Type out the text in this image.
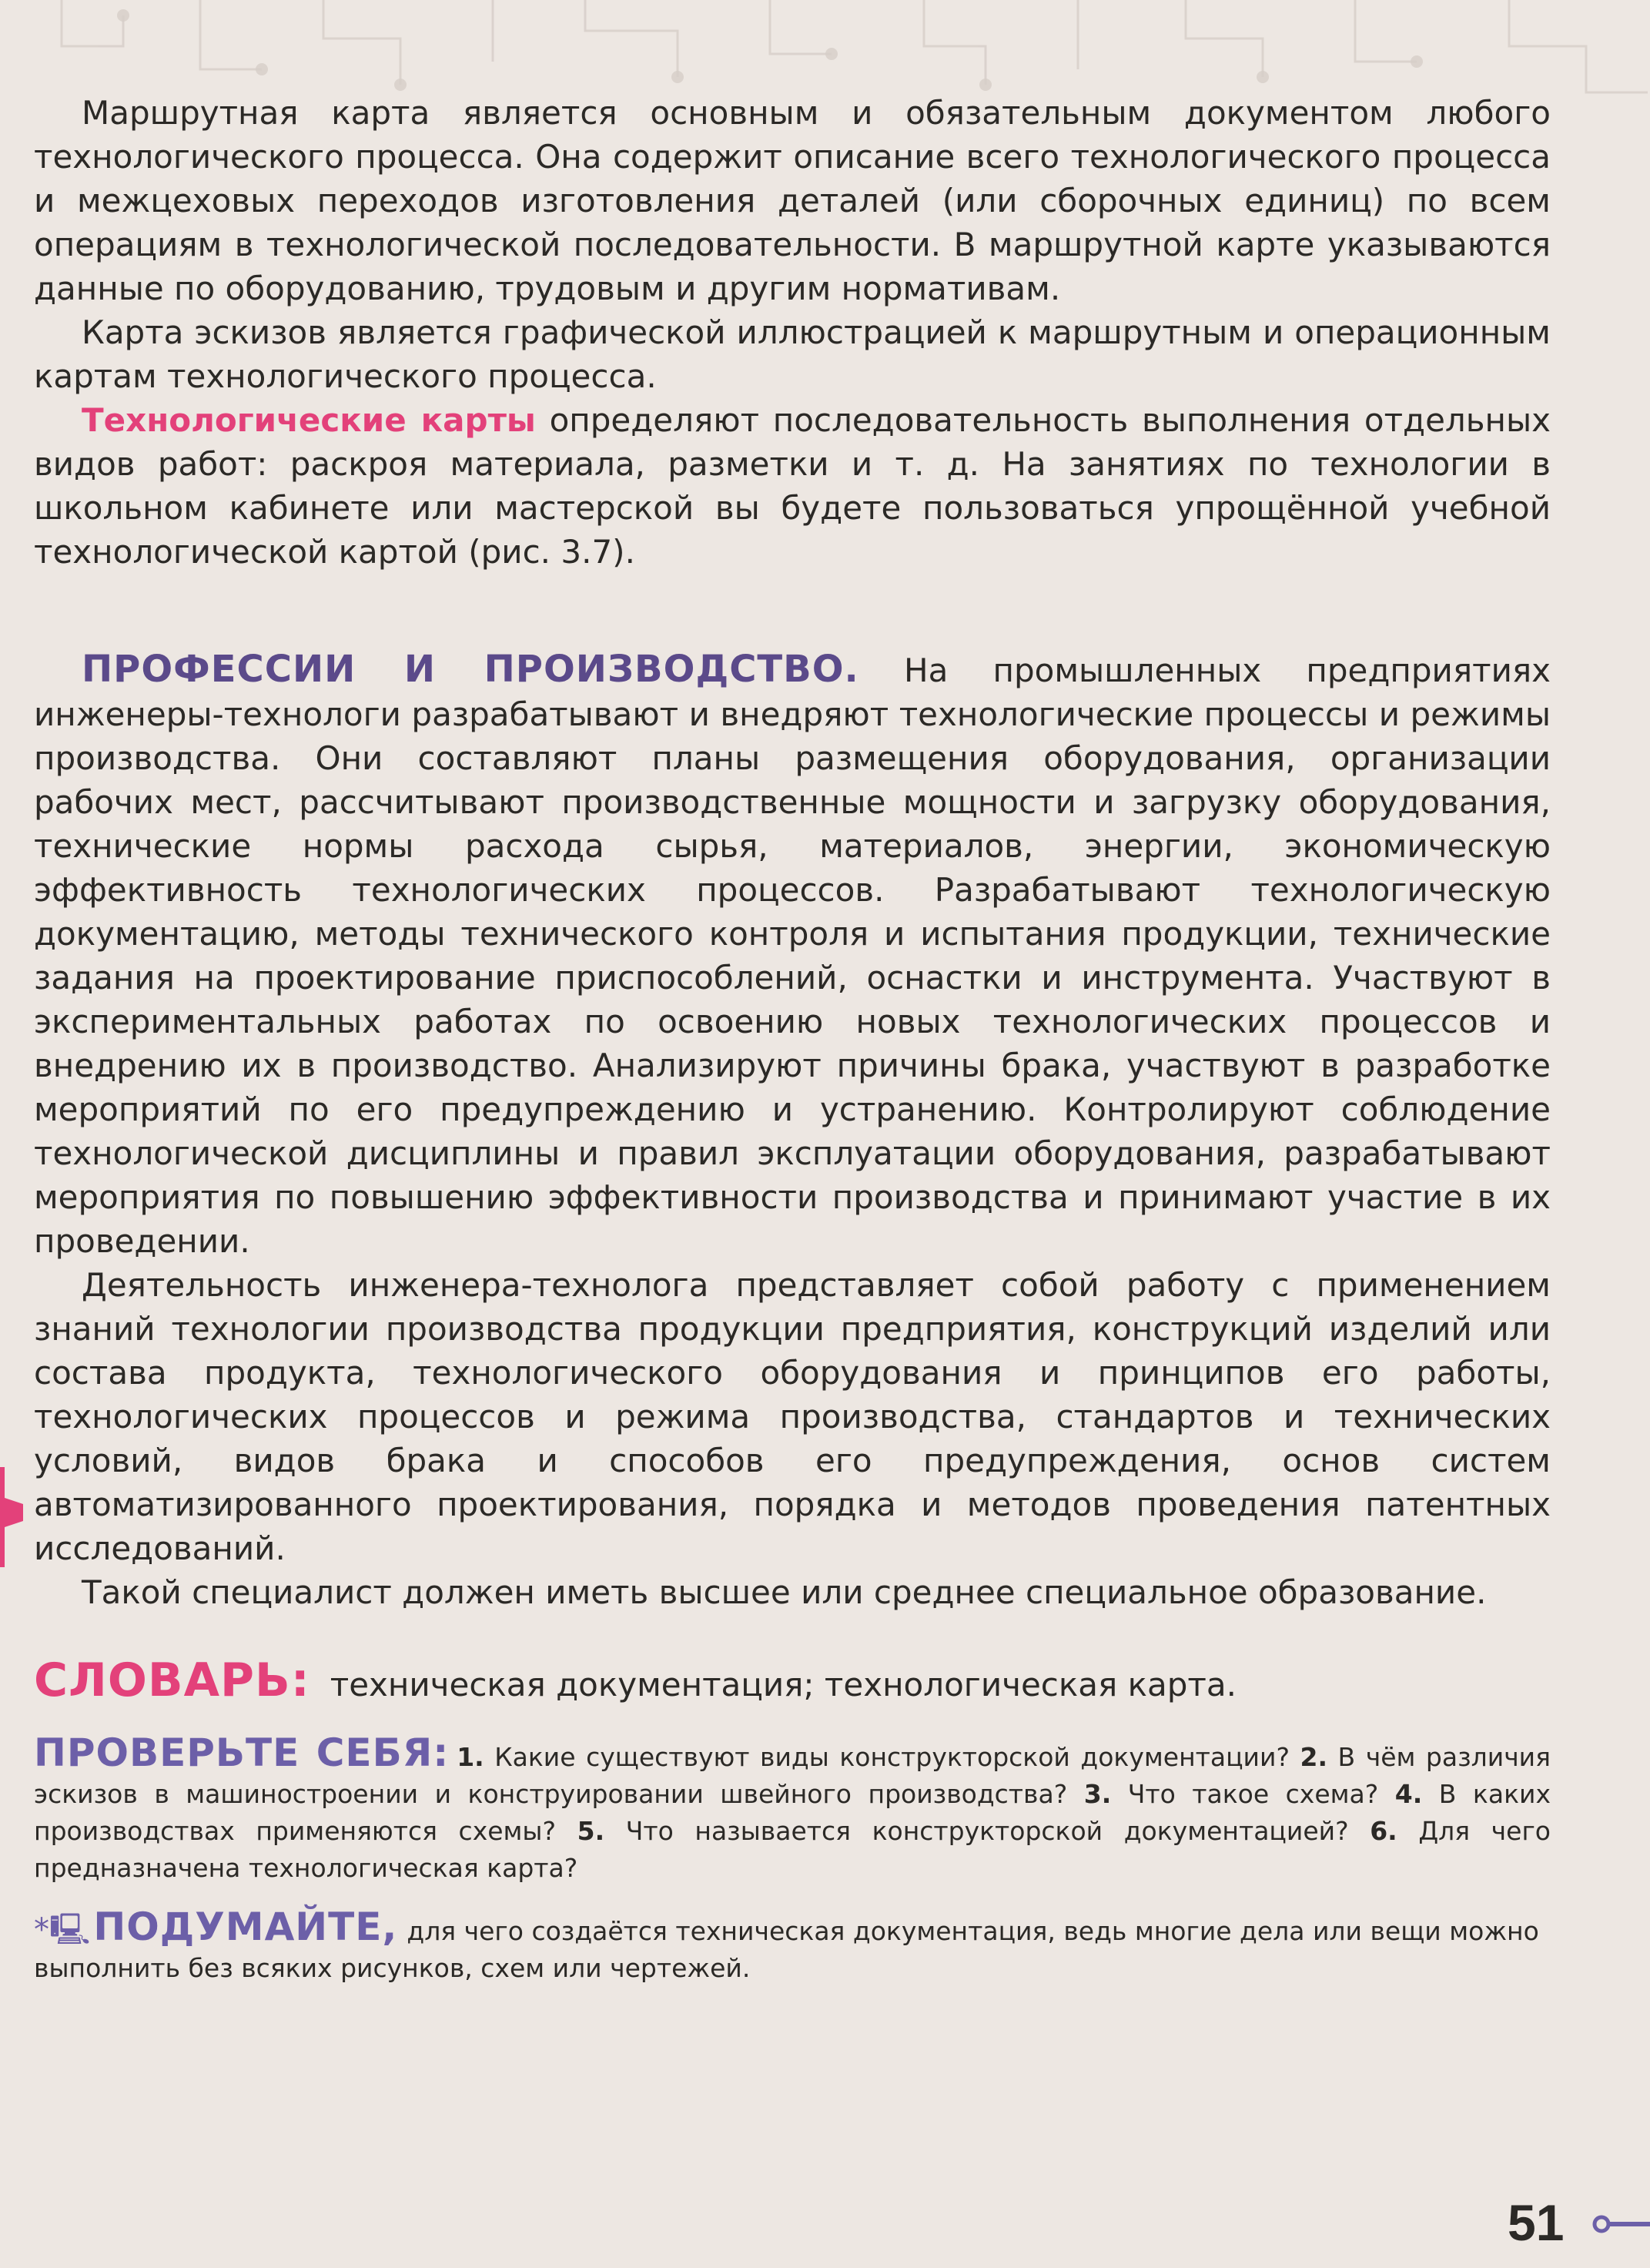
Маршрутная карта является основным и обязательным документом любого технологического процесса. Она содержит описание всего технологического процесса и межцеховых переходов изготовления деталей (или сборочных единиц) по всем операциям в технологической последовательности. В маршрутной карте указываются данные по оборудованию, трудовым и другим нормативам.

Карта эскизов является графической иллюстрацией к маршрутным и операционным картам технологического процесса.

Технологические карты определяют последовательность выполнения отдельных видов работ: раскроя материала, разметки и т. д. На занятиях по технологии в школьном кабинете или мастерской вы будете пользоваться упрощённой учебной технологической картой (рис. 3.7).

ПРОФЕССИИ И ПРОИЗВОДСТВО. На промышленных предприятиях инженеры-технологи разрабатывают и внедряют технологические процессы и режимы производства. Они составляют планы размещения оборудования, организации рабочих мест, рассчитывают производственные мощности и загрузку оборудования, технические нормы расхода сырья, материалов, энергии, экономическую эффективность технологических процессов. Разрабатывают технологическую документацию, методы технического контроля и испытания продукции, технические задания на проектирование приспособлений, оснастки и инструмента. Участвуют в экспериментальных работах по освоению новых технологических процессов и внедрению их в производство. Анализируют причины брака, участвуют в разработке мероприятий по его предупреждению и устранению. Контролируют соблюдение технологической дисциплины и правил эксплуатации оборудования, разрабатывают мероприятия по повышению эффективности производства и принимают участие в их проведении.

Деятельность инженера-технолога представляет собой работу с применением знаний технологии производства продукции предприятия, конструкций изделий или состава продукта, технологического оборудования и принципов его работы, технологических процессов и режима производства, стандартов и технических условий, видов брака и способов его предупреждения, основ систем автоматизированного проектирования, порядка и методов проведения патентных исследований.

Такой специалист должен иметь высшее или среднее специальное образование.

СЛОВАРЬ: техническая документация; технологическая карта.

ПРОВЕРЬТЕ СЕБЯ: 1. Какие существуют виды конструкторской документации? 2. В чём различия эскизов в машиностроении и конструировании швейного производства? 3. Что такое схема? 4. В каких производствах применяются схемы? 5. Что называется конструкторской документацией? 6. Для чего предназначена технологическая карта?

*🖳ПОДУМАЙТЕ, для чего создаётся техническая документация, ведь многие дела или вещи можно выполнить без всяких рисунков, схем или чертежей.

51
